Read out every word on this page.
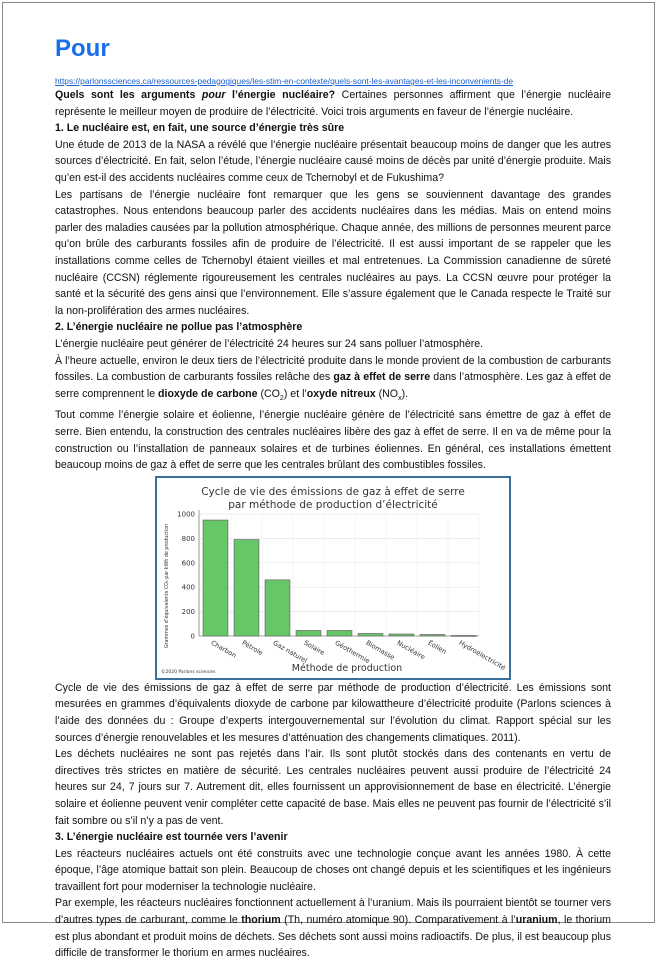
Pour
https://parlonssciences.ca/ressources-pedagogiques/les-stim-en-contexte/quels-sont-les-avantages-et-les-inconvenients-de

Quels sont les arguments pour l’énergie nucléaire? Certaines personnes affirment que l’énergie nucléaire représente le meilleur moyen de produire de l’électricité. Voici trois arguments en faveur de l’énergie nucléaire.

1. Le nucléaire est, en fait, une source d’énergie très sûre

Une étude de 2013 de la NASA a révélé que l’énergie nucléaire présentait beaucoup moins de danger que les autres sources d’électricité. En fait, selon l’étude, l’énergie nucléaire causé moins de décès par unité d’énergie produite. Mais qu’en est-il des accidents nucléaires comme ceux de Tchernobyl et de Fukushima?

Les partisans de l’énergie nucléaire font remarquer que les gens se souviennent davantage des grandes catastrophes. Nous entendons beaucoup parler des accidents nucléaires dans les médias. Mais on entend moins parler des maladies causées par la pollution atmosphérique. Chaque année, des millions de personnes meurent parce qu’on brûle des carburants fossiles afin de produire de l’électricité. Il est aussi important de se rappeler que les installations comme celles de Tchernobyl étaient vieilles et mal entretenues. La Commission canadienne de sûreté nucléaire (CCSN) réglemente rigoureusement les centrales nucléaires au pays. La CCSN œuvre pour protéger la santé et la sécurité des gens ainsi que l’environnement. Elle s’assure également que le Canada respecte le Traité sur la non-prolifération des armes nucléaires.

2. L’énergie nucléaire ne pollue pas l’atmosphère

L’énergie nucléaire peut générer de l’électricité 24 heures sur 24 sans polluer l’atmosphère.

À l’heure actuelle, environ le deux tiers de l’électricité produite dans le monde provient de la combustion de carburants fossiles. La combustion de carburants fossiles relâche des gaz à effet de serre dans l’atmosphère. Les gaz à effet de serre comprennent le dioxyde de carbone $(CO_2)$ et l’oxyde nitreux $(NO_x)$.

Tout comme l’énergie solaire et éolienne, l’énergie nucléaire génère de l’électricité sans émettre de gaz à effet de serre. Bien entendu, la construction des centrales nucléaires libère des gaz à effet de serre. Il en va de même pour la construction ou l’installation de panneaux solaires et de turbines éoliennes. En général, ces installations émettent beaucoup moins de gaz à effet de serre que les centrales brûlant des combustibles fossiles.

Cycle de vie des émissions de gaz à effet de serre
par méthode de production d’électricité
0
200
400
600
800
1000
Charbon Pétrole Gaz naturel
Solaire Géothermie
Biomasse Nucléaire Éolien Hydroélectricité
Grammes d’équivalents CO₂ par kWh de production
Méthode de production
©2020 Parlons sciences

Cycle de vie des émissions de gaz à effet de serre par méthode de production d’électricité. Les émissions sont mesurées en grammes d’équivalents dioxyde de carbone par kilowattheure d’électricité produite (Parlons sciences à l’aide des données du : Groupe d’experts intergouvernemental sur l’évolution du climat. Rapport spécial sur les sources d’énergie renouvelables et les mesures d’atténuation des changements climatiques. 2011).

Les déchets nucléaires ne sont pas rejetés dans l’air. Ils sont plutôt stockés dans des contenants en vertu de directives très strictes en matière de sécurité. Les centrales nucléaires peuvent aussi produire de l’électricité 24 heures sur 24, 7 jours sur 7. Autrement dit, elles fournissent un approvisionnement de base en électricité. L’énergie solaire et éolienne peuvent venir compléter cette capacité de base. Mais elles ne peuvent pas fournir de l’électricité s’il fait sombre ou s’il n’y a pas de vent.

3. L’énergie nucléaire est tournée vers l’avenir

Les réacteurs nucléaires actuels ont été construits avec une technologie conçue avant les années 1980. À cette époque, l’âge atomique battait son plein. Beaucoup de choses ont changé depuis et les scientifiques et les ingénieurs travaillent fort pour moderniser la technologie nucléaire.

Par exemple, les réacteurs nucléaires fonctionnent actuellement à l’uranium. Mais ils pourraient bientôt se tourner vers d’autres types de carburant, comme le thorium (Th, numéro atomique 90). Comparativement à l’uranium, le thorium est plus abondant et produit moins de déchets. Ses déchets sont aussi moins radioactifs. De plus, il est beaucoup plus difficile de transformer le thorium en armes nucléaires.
